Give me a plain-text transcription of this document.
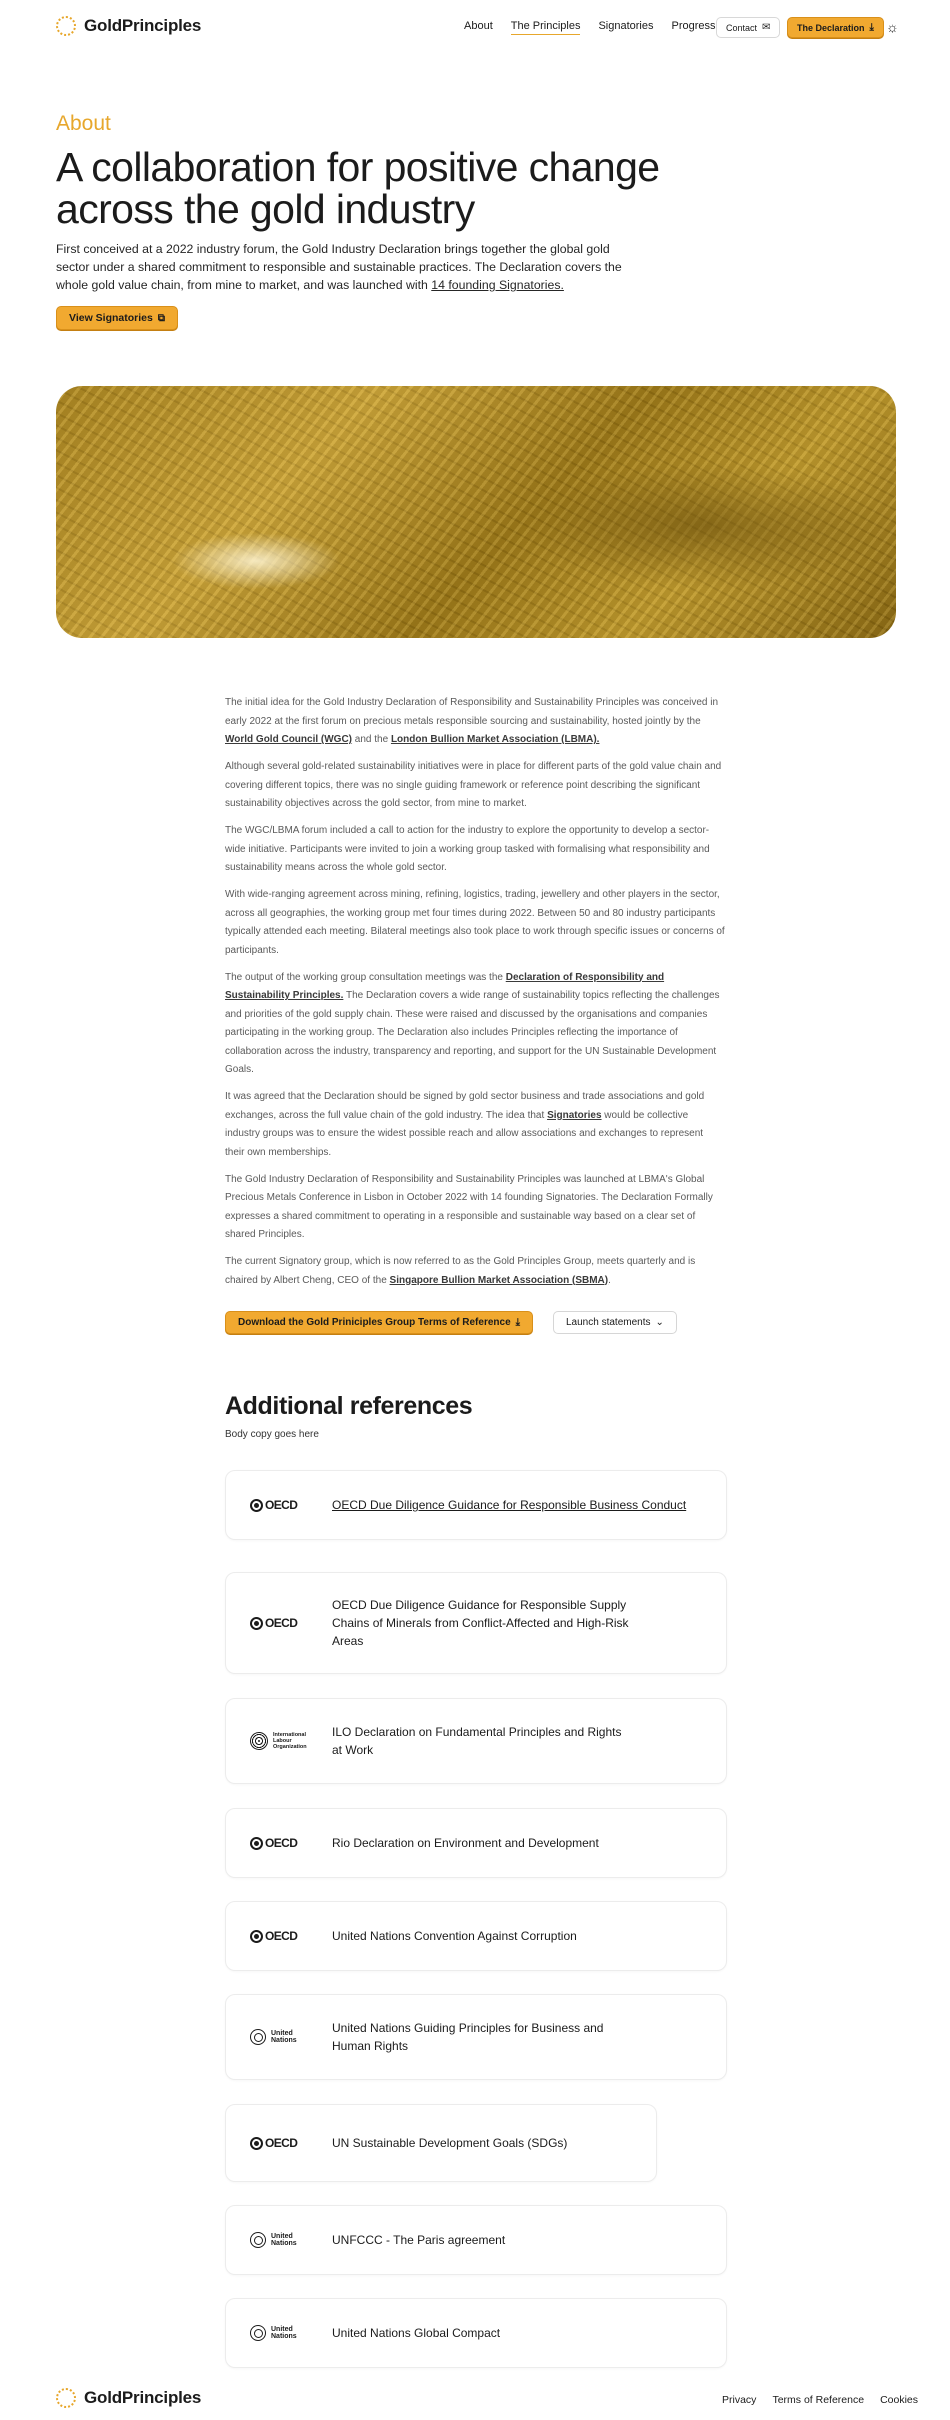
GoldPrinciples	About The Principles Signatories Progress Contact ✉	The Declaration ⤓ ☼
About
A collaboration for positive change across the gold industry

First conceived at a 2022 industry forum, the Gold Industry Declaration brings together the global gold sector under a shared commitment to responsible and sustainable practices. The Declaration covers the whole gold value chain, from mine to market, and was launched with 14 founding Signatories.

View Signatories ⧉

The initial idea for the Gold Industry Declaration of Responsibility and Sustainability Principles was conceived in early 2022 at the first forum on precious metals responsible sourcing and sustainability, hosted jointly by the World Gold Council (WGC) and the London Bullion Market Association (LBMA).

Although several gold-related sustainability initiatives were in place for different parts of the gold value chain and covering different topics, there was no single guiding framework or reference point describing the significant sustainability objectives across the gold sector, from mine to market.

The WGC/LBMA forum included a call to action for the industry to explore the opportunity to develop a sector-wide initiative. Participants were invited to join a working group tasked with formalising what responsibility and sustainability means across the whole gold sector.

With wide-ranging agreement across mining, refining, logistics, trading, jewellery and other players in the sector, across all geographies, the working group met four times during 2022. Between 50 and 80 industry participants typically attended each meeting. Bilateral meetings also took place to work through specific issues or concerns of participants.

The output of the working group consultation meetings was the Declaration of Responsibility and Sustainability Principles. The Declaration covers a wide range of sustainability topics reflecting the challenges and priorities of the gold supply chain. These were raised and discussed by the organisations and companies participating in the working group. The Declaration also includes Principles reflecting the importance of collaboration across the industry, transparency and reporting, and support for the UN Sustainable Development Goals.

It was agreed that the Declaration should be signed by gold sector business and trade associations and gold exchanges, across the full value chain of the gold industry. The idea that Signatories would be collective industry groups was to ensure the widest possible reach and allow associations and exchanges to represent their own memberships.

The Gold Industry Declaration of Responsibility and Sustainability Principles was launched at LBMA's Global Precious Metals Conference in Lisbon in October 2022 with 14 founding Signatories. The Declaration Formally expresses a shared commitment to operating in a responsible and sustainable way based on a clear set of shared Principles.

The current Signatory group, which is now referred to as the Gold Principles Group, meets quarterly and is chaired by Albert Cheng, CEO of the Singapore Bullion Market Association (SBMA).

Download the Gold Priniciples Group Terms of Reference ⤓	Launch statements ⌄
Additional references
Body copy goes here
OECD	OECD Due Diligence Guidance for Responsible Business Conduct
OECD
OECD Due Diligence Guidance for Responsible Supply Chains of Minerals from Conflict-Affected and High-Risk Areas
International Labour Organization
ILO Declaration on Fundamental Principles and Rights at Work
OECD	Rio Declaration on Environment and Development
OECD	United Nations Convention Against Corruption
United Nations
United Nations Guiding Principles for Business and Human Rights
OECD	UN Sustainable Development Goals (SDGs)
United Nations	UNFCCC - The Paris agreement
United Nations	United Nations Global Compact
GoldPrinciples	Privacy Terms of Reference Cookies
